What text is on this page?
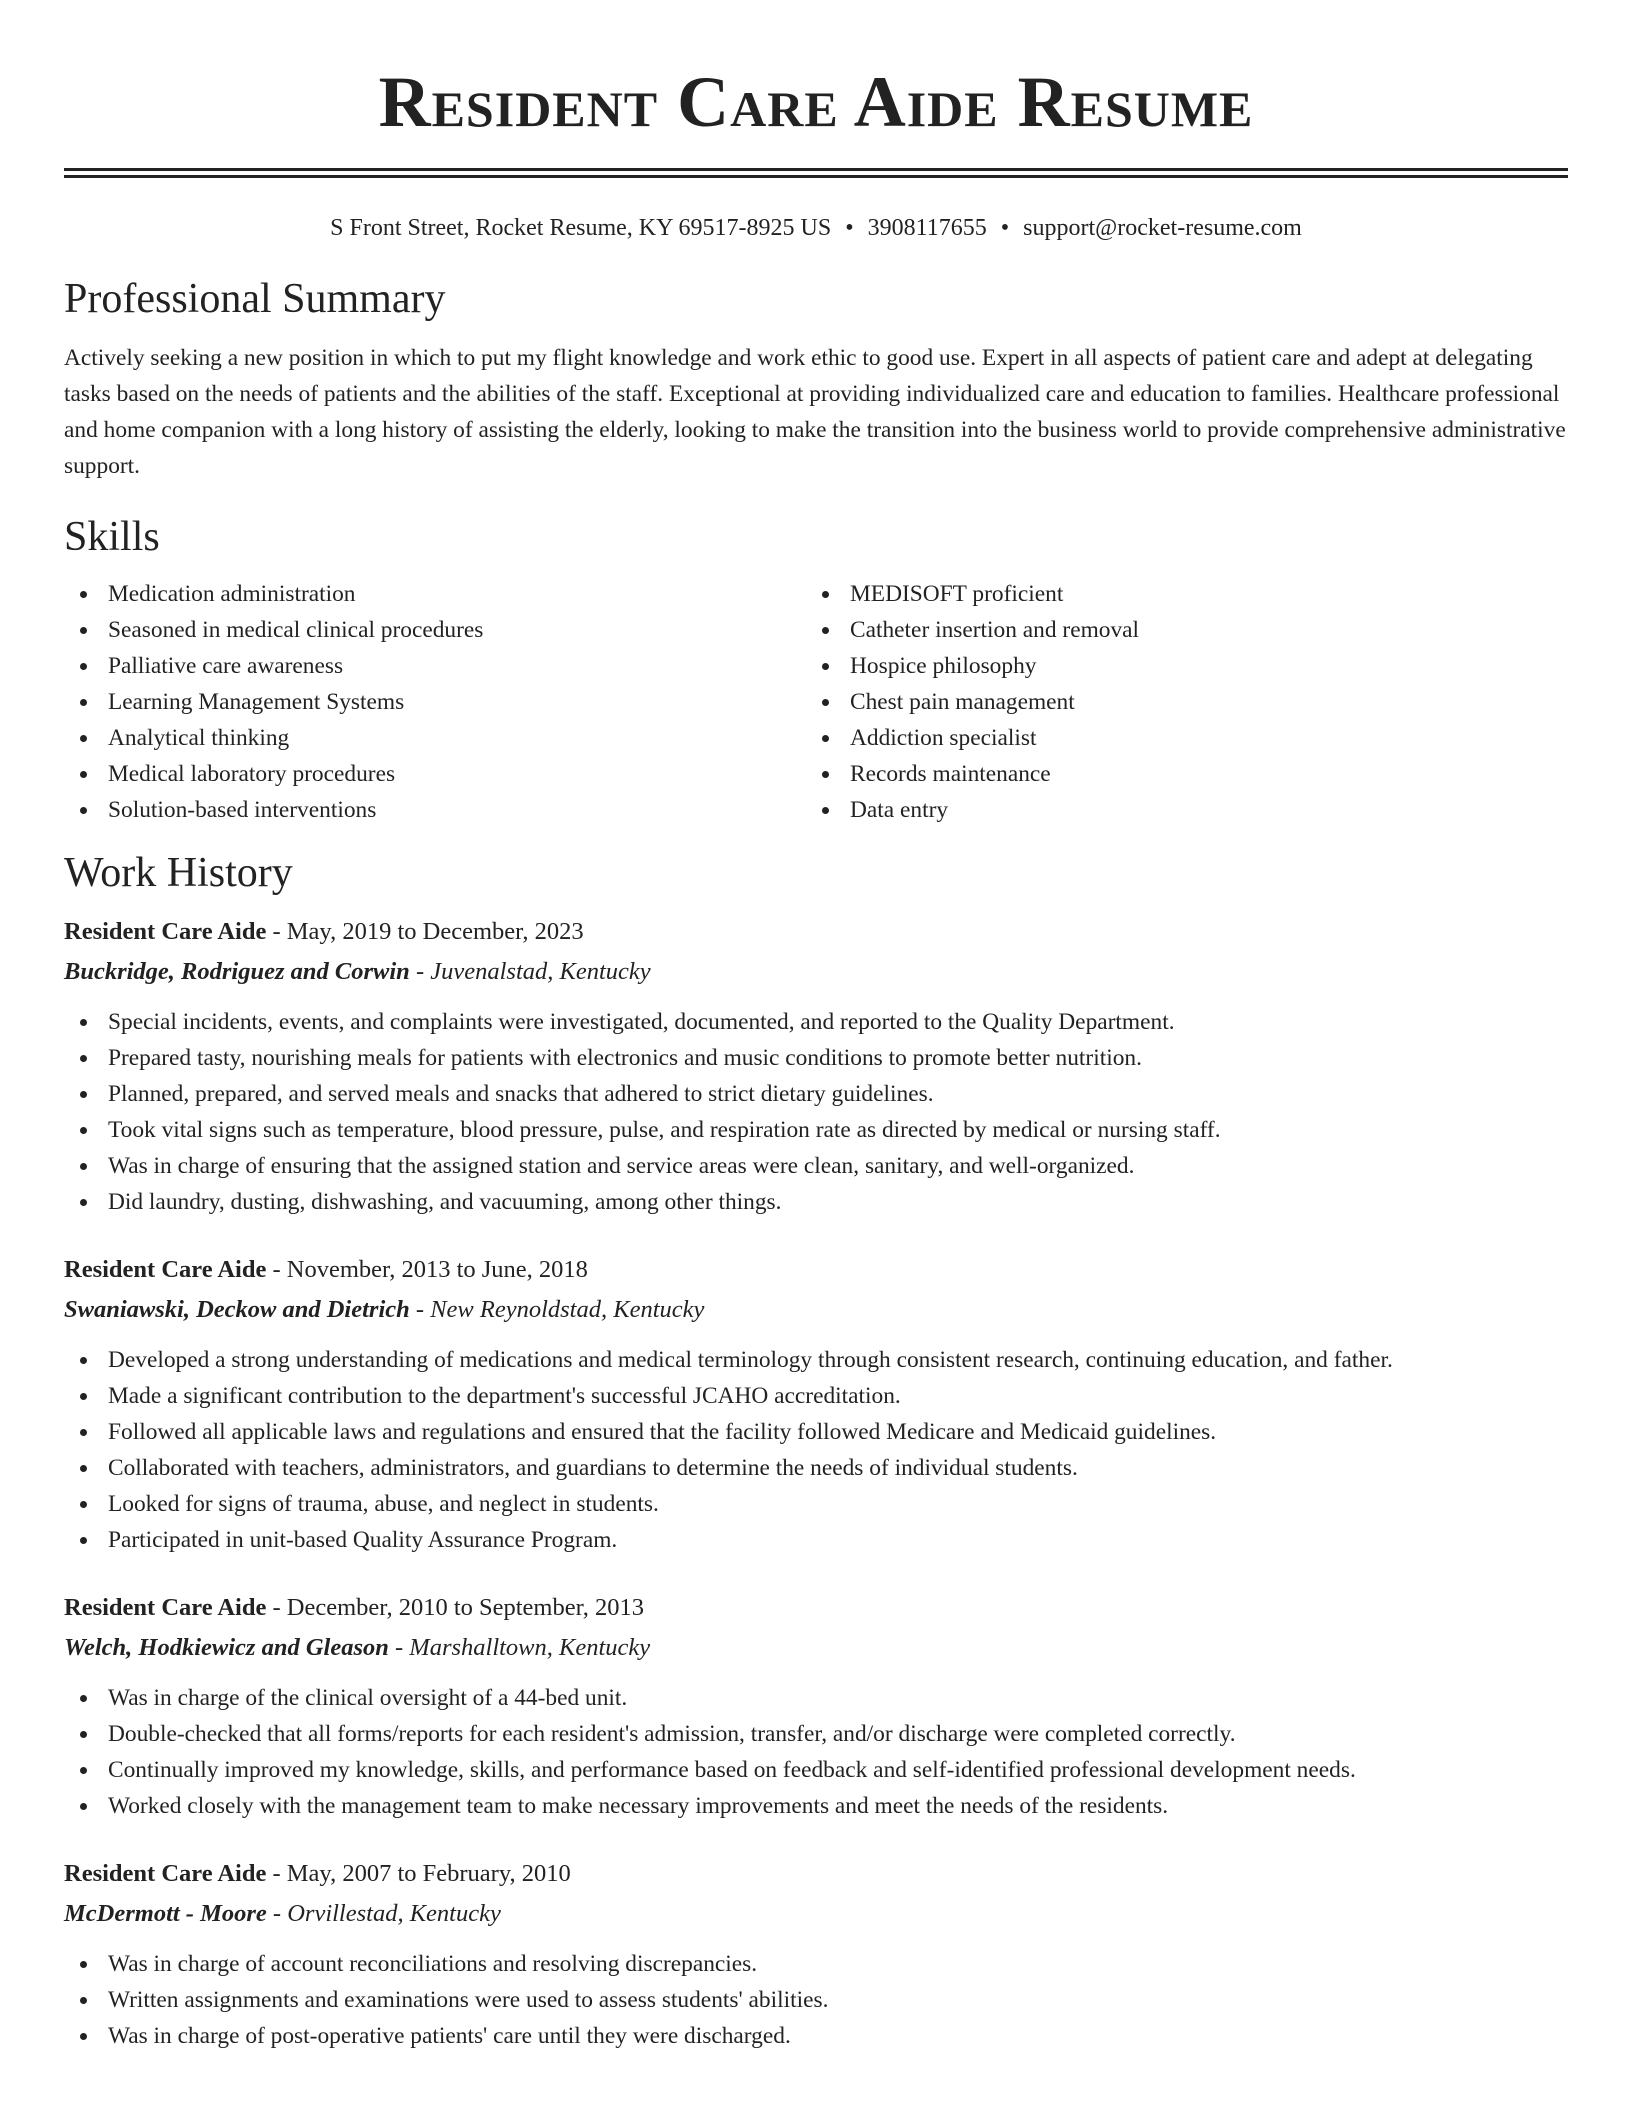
Resident Care Aide Resume
S Front Street, Rocket Resume, KY 69517-8925 US • 3908117655 • support@rocket-resume.com
Professional Summary
Actively seeking a new position in which to put my flight knowledge and work ethic to good use. Expert in all aspects of patient care and adept at delegating tasks based on the needs of patients and the abilities of the staff. Exceptional at providing individualized care and education to families. Healthcare professional and home companion with a long history of assisting the elderly, looking to make the transition into the business world to provide comprehensive administrative support.
Skills
Medication administration
Seasoned in medical clinical procedures
Palliative care awareness
Learning Management Systems
Analytical thinking
Medical laboratory procedures
Solution-based interventions
MEDISOFT proficient
Catheter insertion and removal
Hospice philosophy
Chest pain management
Addiction specialist
Records maintenance
Data entry
Work History
Resident Care Aide - May, 2019 to December, 2023
Buckridge, Rodriguez and Corwin - Juvenalstad, Kentucky
Special incidents, events, and complaints were investigated, documented, and reported to the Quality Department.
Prepared tasty, nourishing meals for patients with electronics and music conditions to promote better nutrition.
Planned, prepared, and served meals and snacks that adhered to strict dietary guidelines.
Took vital signs such as temperature, blood pressure, pulse, and respiration rate as directed by medical or nursing staff.
Was in charge of ensuring that the assigned station and service areas were clean, sanitary, and well-organized.
Did laundry, dusting, dishwashing, and vacuuming, among other things.
Resident Care Aide - November, 2013 to June, 2018
Swaniawski, Deckow and Dietrich - New Reynoldstad, Kentucky
Developed a strong understanding of medications and medical terminology through consistent research, continuing education, and father.
Made a significant contribution to the department's successful JCAHO accreditation.
Followed all applicable laws and regulations and ensured that the facility followed Medicare and Medicaid guidelines.
Collaborated with teachers, administrators, and guardians to determine the needs of individual students.
Looked for signs of trauma, abuse, and neglect in students.
Participated in unit-based Quality Assurance Program.
Resident Care Aide - December, 2010 to September, 2013
Welch, Hodkiewicz and Gleason - Marshalltown, Kentucky
Was in charge of the clinical oversight of a 44-bed unit.
Double-checked that all forms/reports for each resident's admission, transfer, and/or discharge were completed correctly.
Continually improved my knowledge, skills, and performance based on feedback and self-identified professional development needs.
Worked closely with the management team to make necessary improvements and meet the needs of the residents.
Resident Care Aide - May, 2007 to February, 2010
McDermott - Moore - Orvillestad, Kentucky
Was in charge of account reconciliations and resolving discrepancies.
Written assignments and examinations were used to assess students' abilities.
Was in charge of post-operative patients' care until they were discharged.
